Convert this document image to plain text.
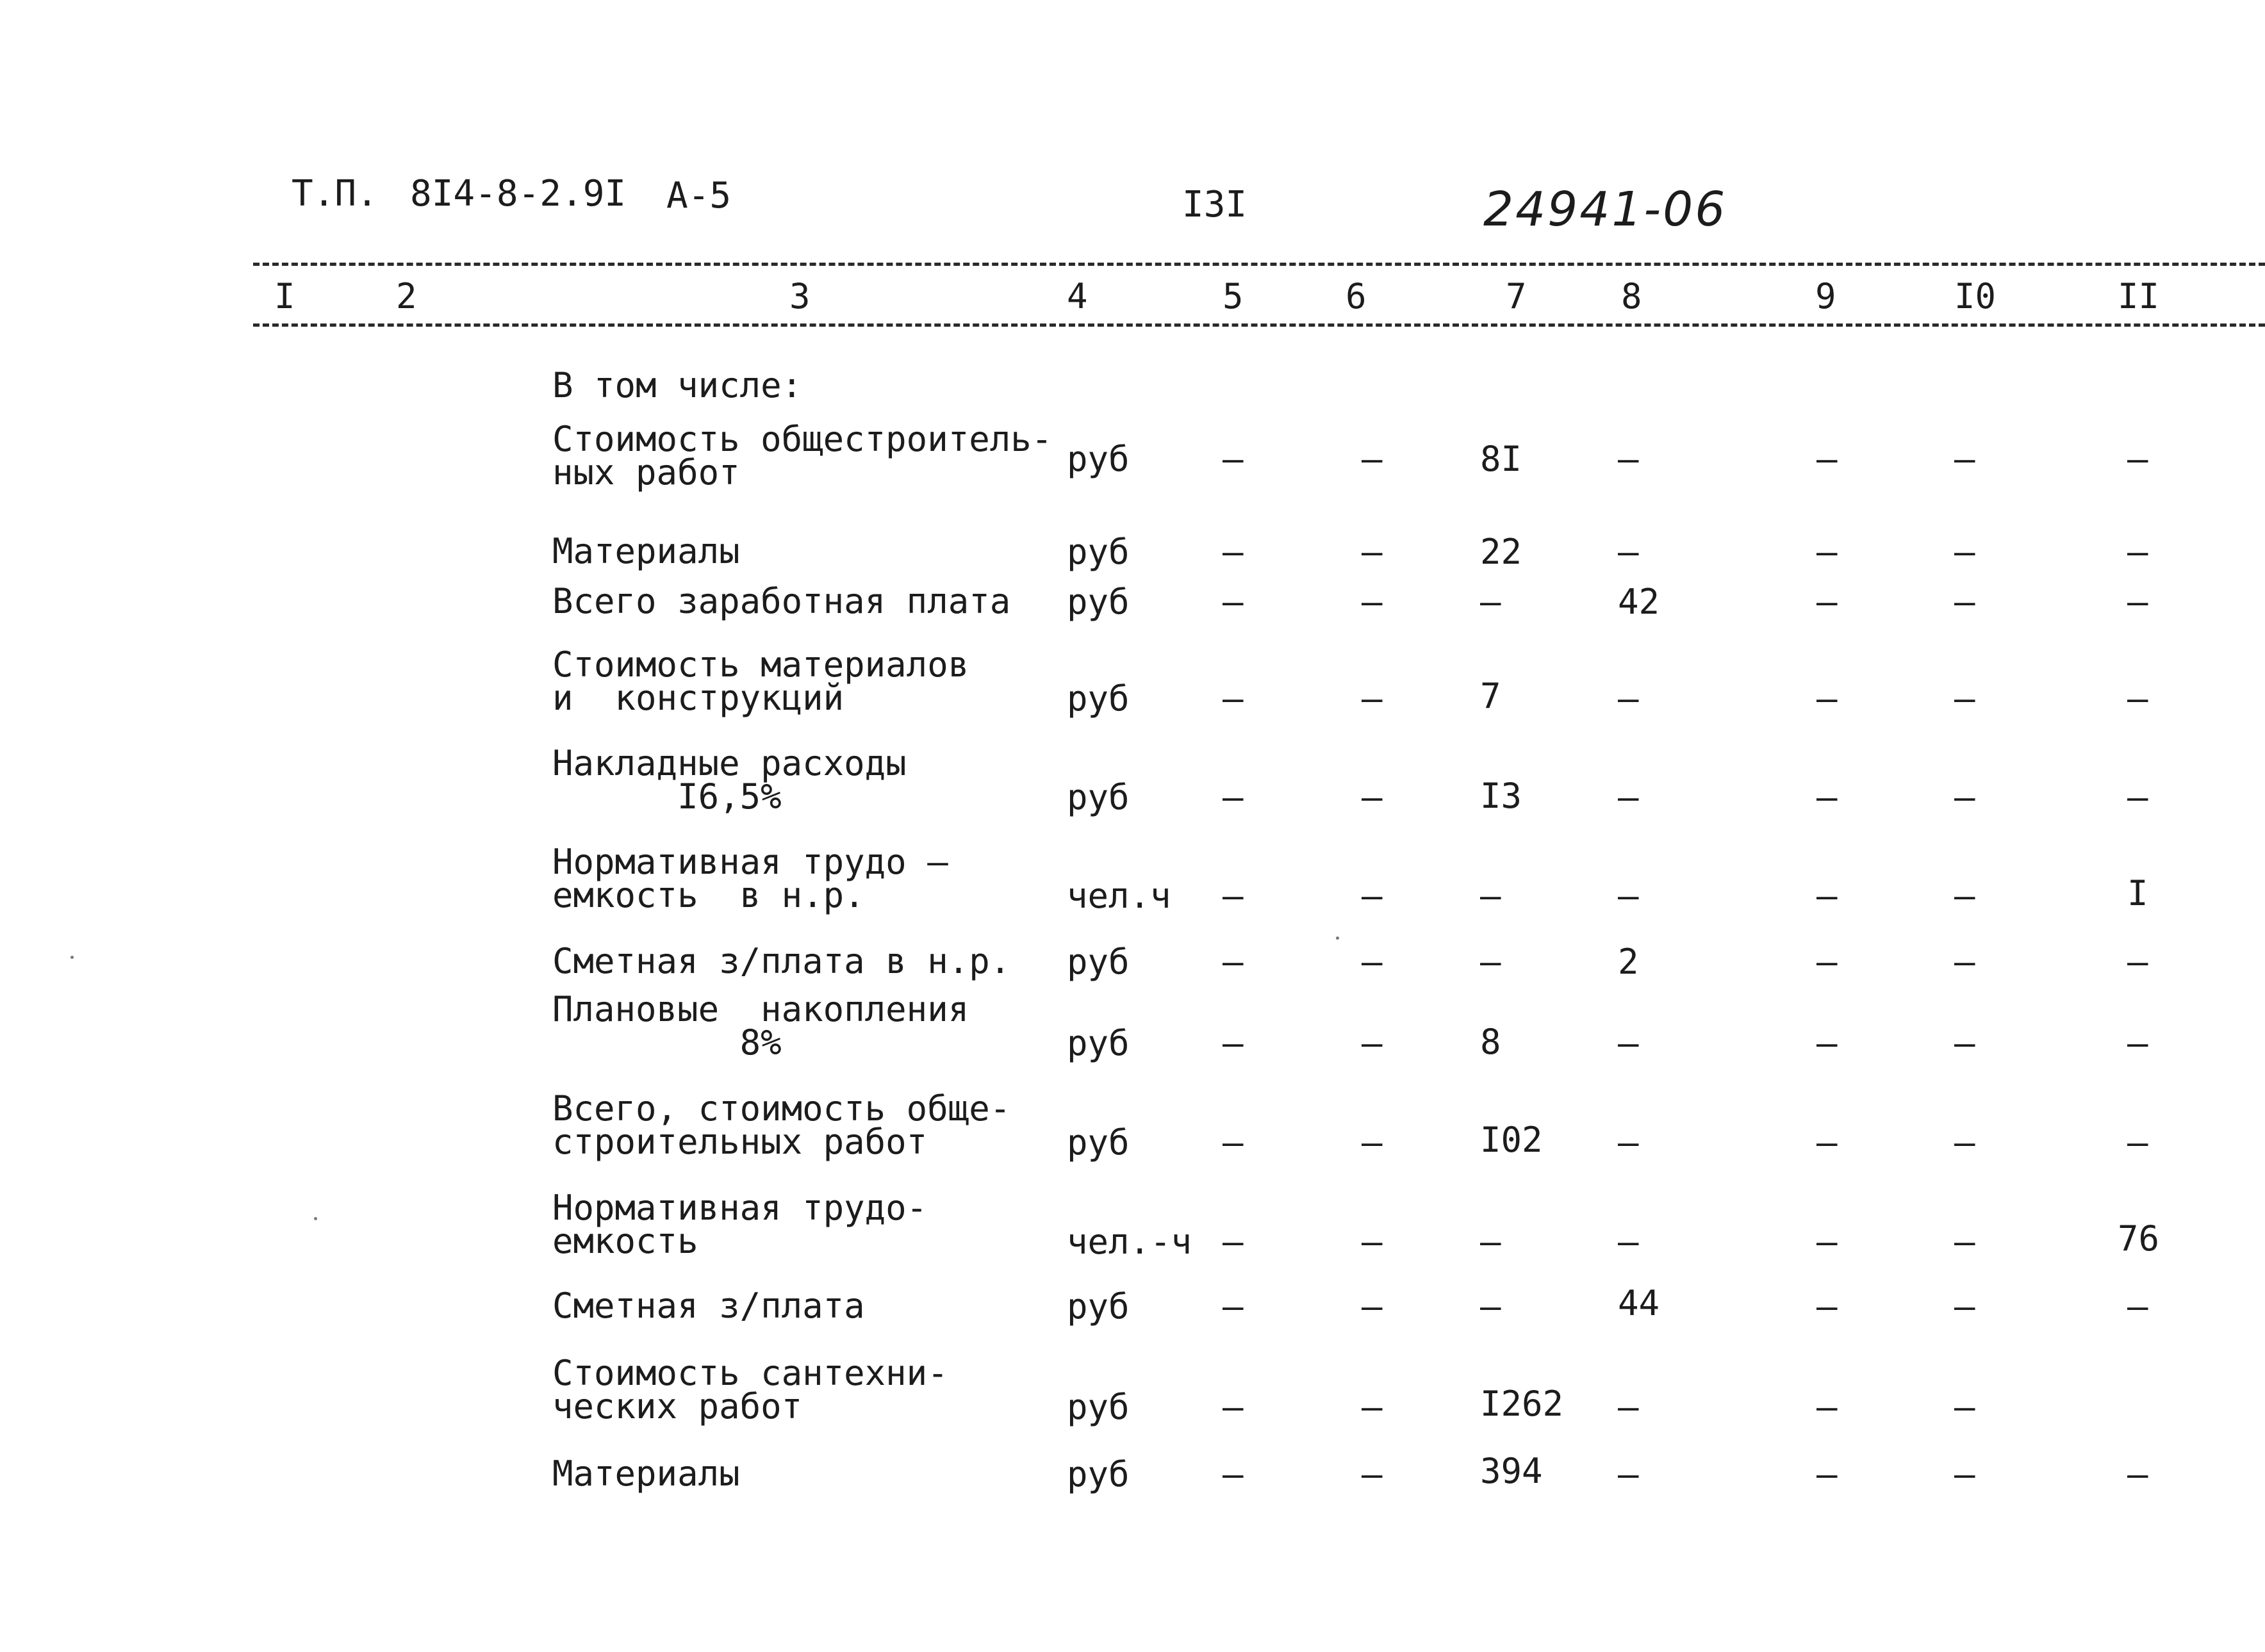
Т.П. 8I4-8-2.9I А-5	I3I	24941-06
I	2	3	4	5	6	7	8	9	I0	II
В том числе:
Стоимость общестроитель-
ных работ	руб	–	–	8I	–	–	–	–
Материалы	руб	–	–	22	–	–	–	–
Всего заработная плата руб	–	–	–	42	–	–	–
Стоимость материалов
и  конструкций	руб	–	–	7	–	–	–	–
Накладные расходы
I6,5%	руб	–	–	I3	–	–	–	–
Нормативная трудо –
емкость  в н.р.	чел.ч –	–	–	–	–	–	I
Сметная з/плата в н.р. руб	–	–	–	2	–	–	–
Плановые  накопления
8%	руб	–	–	8	–	–	–	–
Всего, стоимость обще-
строительных работ	руб	–	–	I02 –	–	–	–
Нормативная трудо-
емкость	чел.-ч –	–	–	–	–	–	76
Сметная з/плата	руб	–	–	–	44	–	–	–
Стоимость сантехни-
ческих работ	руб	–	–	I262 –	–	–
Материалы	руб	–	–	394 –	–	–	–
